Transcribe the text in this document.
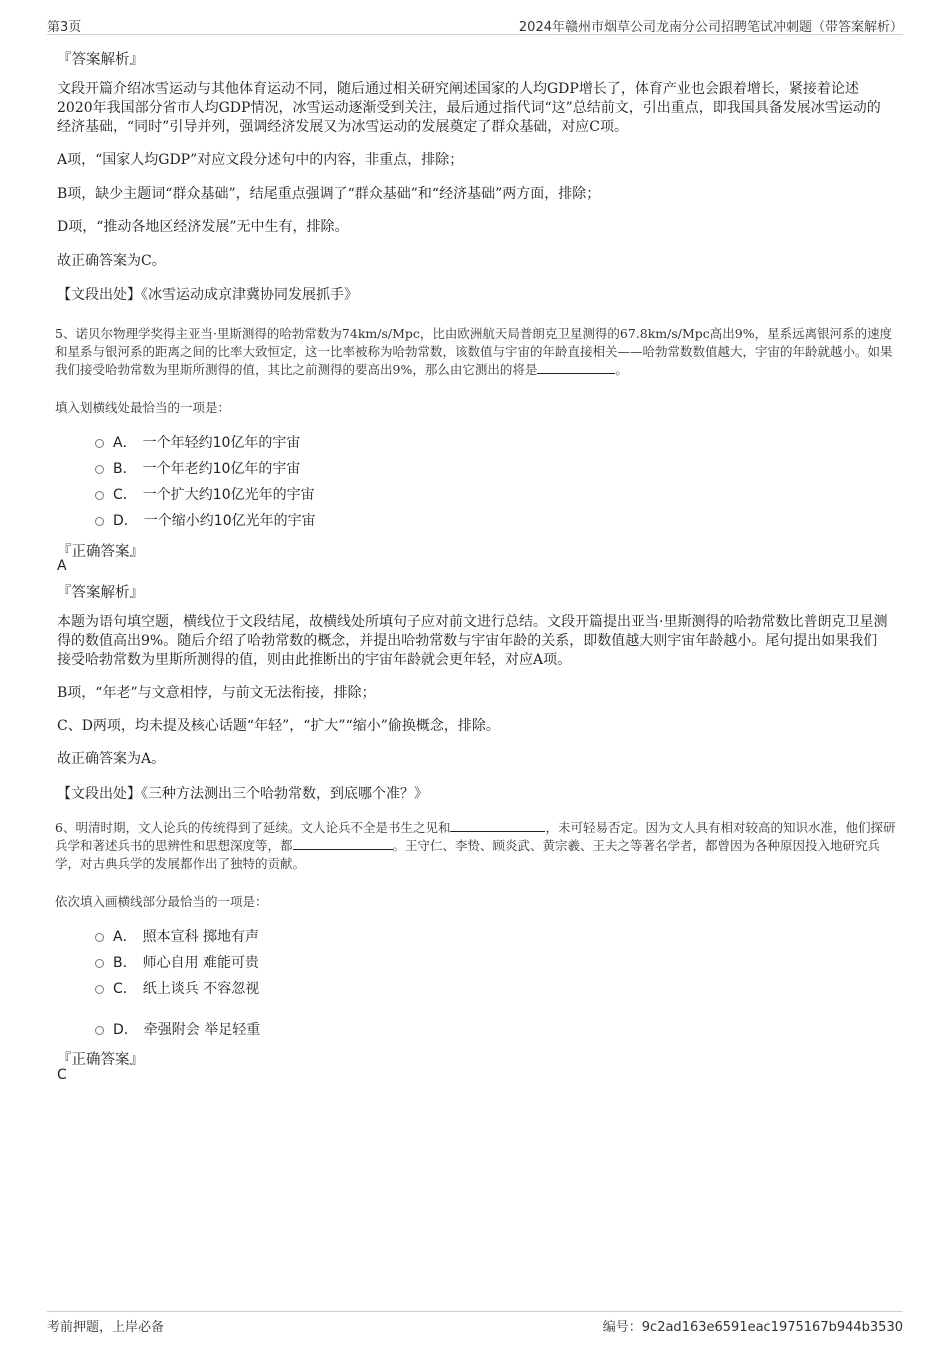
第3页	2024年赣州市烟草公司龙南分公司招聘笔试冲刺题（带答案解析）
『答案解析』
文段开篇介绍冰雪运动与其他体育运动不同，随后通过相关研究阐述国家的人均GDP增长了，体育产业也会跟着增长，紧接着论述2020年我国部分省市人均GDP情况，冰雪运动逐渐受到关注，最后通过指代词“这”总结前文，引出重点，即我国具备发展冰雪运动的经济基础，“同时”引导并列，强调经济发展又为冰雪运动的发展奠定了群众基础，对应C项。
A项，“国家人均GDP”对应文段分述句中的内容，非重点，排除；
B项，缺少主题词“群众基础”，结尾重点强调了“群众基础”和“经济基础”两方面，排除；
D项，“推动各地区经济发展”无中生有，排除。
故正确答案为C。
【文段出处】《冰雪运动成京津冀协同发展抓手》
5、诺贝尔物理学奖得主亚当·里斯测得的哈勃常数为74km/s/Mpc，比由欧洲航天局普朗克卫星测得的67.8km/s/Mpc高出9%，星系远离银河系的速度和星系与银河系的距离之间的比率大致恒定，这一比率被称为哈勃常数，该数值与宇宙的年龄直接相关——哈勃常数数值越大，宇宙的年龄就越小。如果我们接受哈勃常数为里斯所测得的值，其比之前测得的要高出9%，那么由它测出的将是	。
填入划横线处最恰当的一项是：
A． 一个年轻约10亿年的宇宙
B． 一个年老约10亿年的宇宙
C． 一个扩大约10亿光年的宇宙
D． 一个缩小约10亿光年的宇宙
『正确答案』
A
『答案解析』
本题为语句填空题，横线位于文段结尾，故横线处所填句子应对前文进行总结。文段开篇提出亚当·里斯测得的哈勃常数比普朗克卫星测得的数值高出9%。随后介绍了哈勃常数的概念，并提出哈勃常数与宇宙年龄的关系，即数值越大则宇宙年龄越小。尾句提出如果我们接受哈勃常数为里斯所测得的值，则由此推断出的宇宙年龄就会更年轻，对应A项。
B项，“年老”与文意相悖，与前文无法衔接，排除；
C、D两项，均未提及核心话题“年轻”，“扩大”“缩小”偷换概念，排除。
故正确答案为A。
【文段出处】《三种方法测出三个哈勃常数，到底哪个准？》
6、明清时期，文人论兵的传统得到了延续。文人论兵不全是书生之见和	，未可轻易否定。因为文人具有相对较高的知识水准，他们探研兵学和著述兵书的思辨性和思想深度等，都	。王守仁、李贽、顾炎武、黄宗羲、王夫之等著名学者，都曾因为各种原因投入地研究兵学，对古典兵学的发展都作出了独特的贡献。
依次填入画横线部分最恰当的一项是：
A． 照本宣科 掷地有声
B． 师心自用 难能可贵
C． 纸上谈兵 不容忽视
D． 牵强附会 举足轻重
『正确答案』
C
考前押题，上岸必备	编号：9c2ad163e6591eac1975167b944b3530
